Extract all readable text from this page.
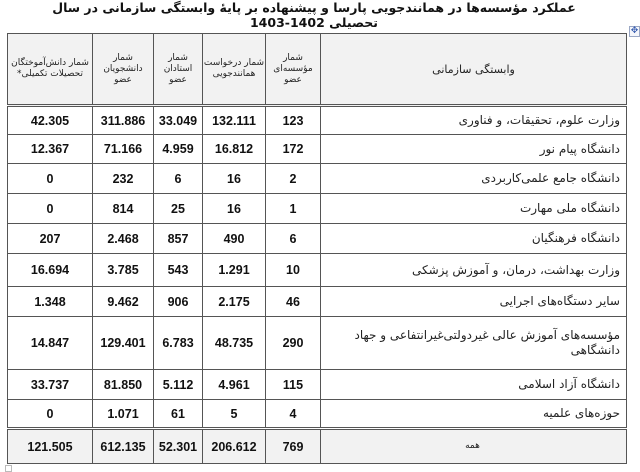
عملکرد مؤسسه‌ها در همانندجویی پارسا و پیشنهاده بر پایهٔ وابستگی سازمانی در سال
تحصیلی 1402-1403
✥
وابستگی سازمانی	شمار مؤسسه‌ای عضو	شمار درخواست همانندجویی	شمار استادان عضو	شمار دانشجویان عضو	شمار دانش‌آموختگان تحصیلات تکمیلی*
وزارت علوم، تحقیقات، و فناوری	123	132.111	33.049	311.886	42.305
دانشگاه پیام نور	172	16.812	4.959	71.166	12.367
دانشگاه جامع علمی‌کاربردی	2	16	6	232	0
دانشگاه ملی مهارت	1	16	25	814	0
دانشگاه فرهنگیان	6	490	857	2.468	207
وزارت بهداشت، درمان، و آموزش پزشکی	10	1.291	543	3.785	16.694
سایر دستگاه‌های اجرایی	46	2.175	906	9.462	1.348
مؤسسه‌های آموزش عالی غیردولتی‌غیرانتفاعی و جهاد دانشگاهی	290	48.735	6.783	129.401	14.847
دانشگاه آزاد اسلامی	115	4.961	5.112	81.850	33.737
حوزه‌های علمیه	4	5	61	1.071	0
همه	769	206.612	52.301	612.135	121.505
